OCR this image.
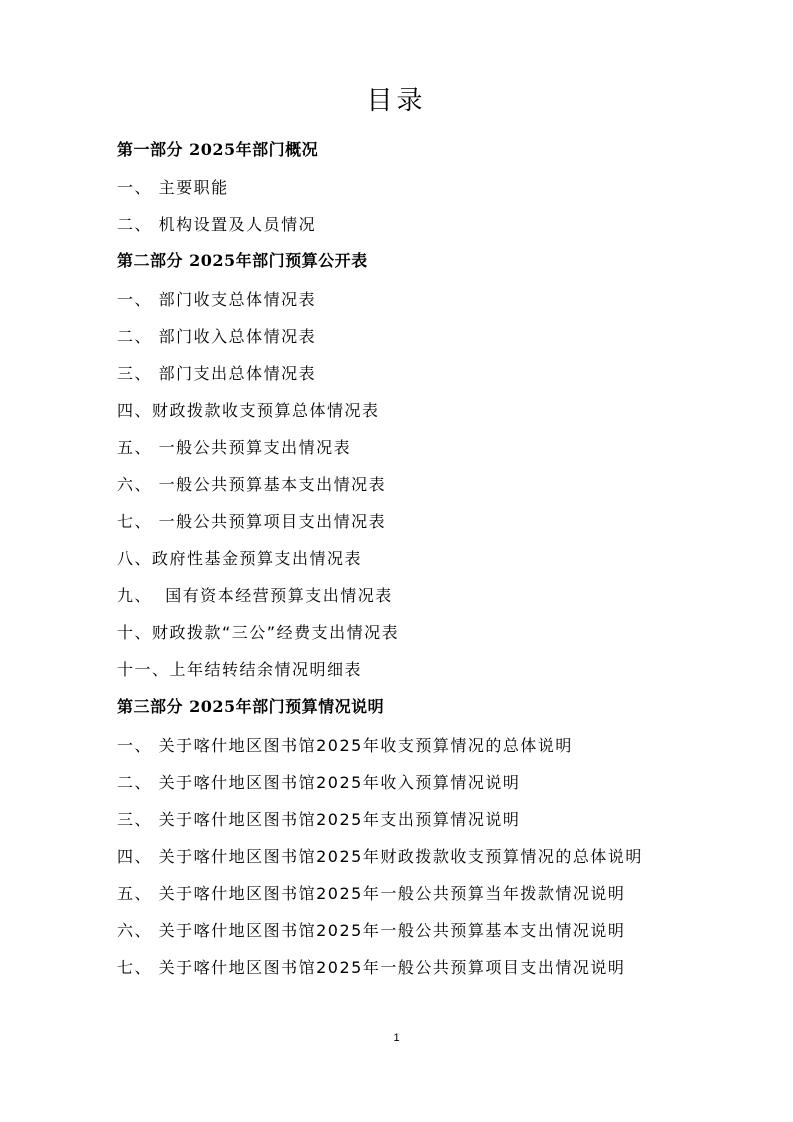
目录
第一部分 2025年部门概况
一、 主要职能
二、 机构设置及人员情况
第二部分 2025年部门预算公开表
一、 部门收支总体情况表
二、 部门收入总体情况表
三、 部门支出总体情况表
四、财政拨款收支预算总体情况表
五、 一般公共预算支出情况表
六、 一般公共预算基本支出情况表
七、 一般公共预算项目支出情况表
八、政府性基金预算支出情况表
九、 国有资本经营预算支出情况表
十、财政拨款“三公”经费支出情况表
十一、上年结转结余情况明细表
第三部分 2025年部门预算情况说明
一、 关于喀什地区图书馆2025年收支预算情况的总体说明
二、 关于喀什地区图书馆2025年收入预算情况说明
三、 关于喀什地区图书馆2025年支出预算情况说明
四、 关于喀什地区图书馆2025年财政拨款收支预算情况的总体说明
五、 关于喀什地区图书馆2025年一般公共预算当年拨款情况说明
六、 关于喀什地区图书馆2025年一般公共预算基本支出情况说明
七、 关于喀什地区图书馆2025年一般公共预算项目支出情况说明
1
